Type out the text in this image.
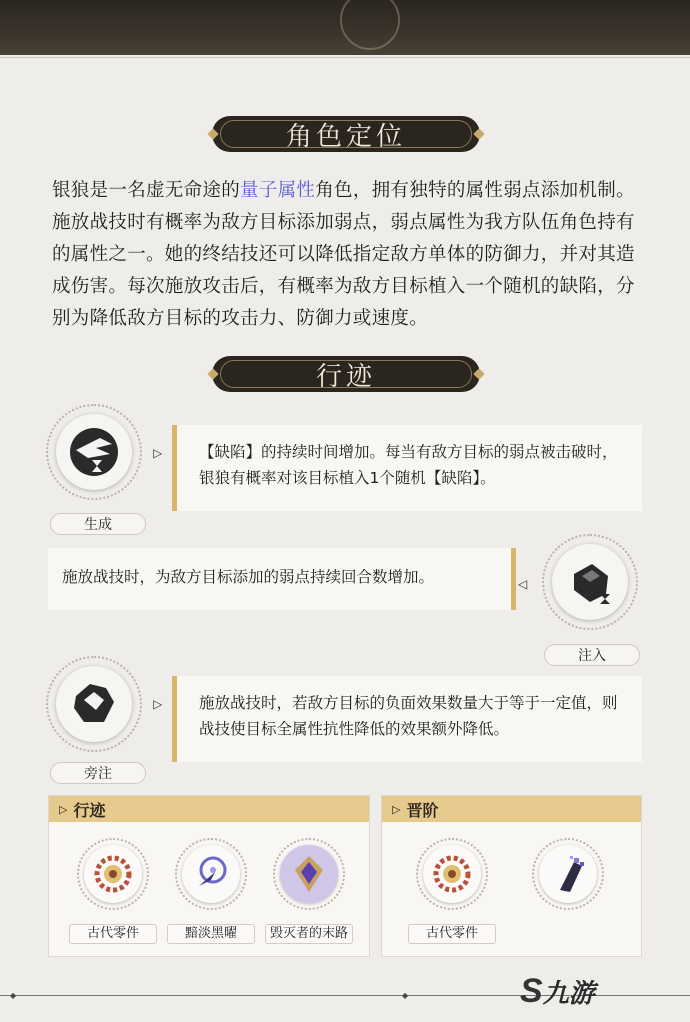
角色定位
银狼是一名虚无命途的量子属性角色，拥有独特的属性弱点添加机制。施放战技时有概率为敌方目标添加弱点，弱点属性为我方队伍角色持有的属性之一。她的终结技还可以降低指定敌方单体的防御力，并对其造成伤害。每次施放攻击后，有概率为敌方目标植入一个随机的缺陷，分别为降低敌方目标的攻击力、防御力或速度。
行迹
▷
生成
【缺陷】的持续时间增加。每当有敌方目标的弱点被击破时，银狼有概率对该目标植入1个随机【缺陷】。
施放战技时，为敌方目标添加的弱点持续回合数增加。	◁
注入
▷
旁注
施放战技时，若敌方目标的负面效果数量大于等于一定值，则战技使目标全属性抗性降低的效果额外降低。
▷ 行迹
古代零件	黯淡黑曜	毁灭者的末路
▷ 晋阶
古代零件
◆	◆	S九游
